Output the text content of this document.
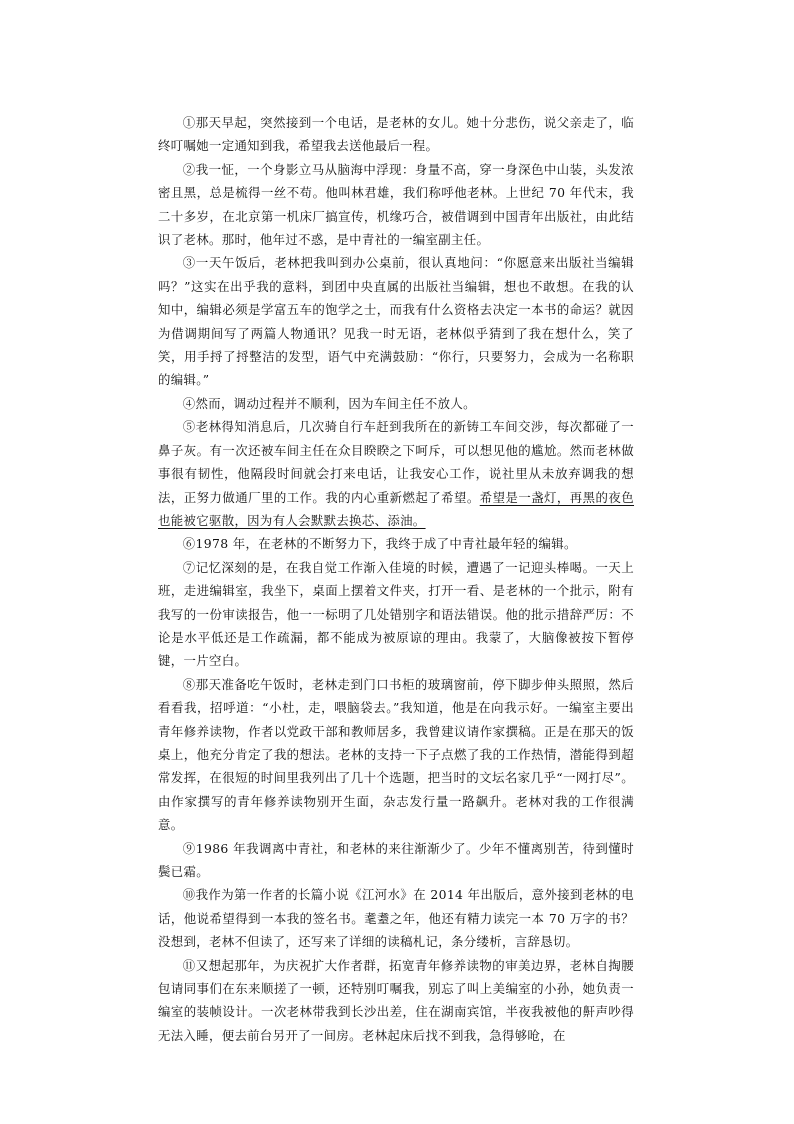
①那天早起，突然接到一个电话，是老林的女儿。她十分悲伤，说父亲走了，临终叮嘱她一定通知到我，希望我去送他最后一程。

②我一怔，一个身影立马从脑海中浮现：身量不高，穿一身深色中山装，头发浓密且黑，总是梳得一丝不苟。他叫林君雄，我们称呼他老林。上世纪 70 年代末，我二十多岁，在北京第一机床厂搞宣传，机缘巧合，被借调到中国青年出版社，由此结识了老林。那时，他年过不惑，是中青社的一编室副主任。

③一天午饭后，老林把我叫到办公桌前，很认真地问：“你愿意来出版社当编辑吗？”这实在出乎我的意料，到团中央直属的出版社当编辑，想也不敢想。在我的认知中，编辑必须是学富五车的饱学之士，而我有什么资格去决定一本书的命运？就因为借调期间写了两篇人物通讯？见我一时无语，老林似乎猜到了我在想什么，笑了笑，用手捋了捋整洁的发型，语气中充满鼓励：“你行，只要努力，会成为一名称职的编辑。”

④然而，调动过程并不顺利，因为车间主任不放人。

⑤老林得知消息后，几次骑自行车赶到我所在的新铸工车间交涉，每次都碰了一鼻子灰。有一次还被车间主任在众目睽睽之下呵斥，可以想见他的尴尬。然而老林做事很有韧性，他隔段时间就会打来电话，让我安心工作，说社里从未放弃调我的想法，正努力做通厂里的工作。我的内心重新燃起了希望。希望是一盏灯，再黑的夜色也能被它驱散，因为有人会默默去换芯、添油。

⑥1978 年，在老林的不断努力下，我终于成了中青社最年轻的编辑。

⑦记忆深刻的是，在我自觉工作渐入佳境的时候，遭遇了一记迎头棒喝。一天上班，走进编辑室，我坐下，桌面上摆着文件夹，打开一看、是老林的一个批示，附有我写的一份审读报告，他一一标明了几处错别字和语法错误。他的批示措辞严厉：不论是水平低还是工作疏漏，都不能成为被原谅的理由。我蒙了，大脑像被按下暂停键，一片空白。

⑧那天准备吃午饭时，老林走到门口书柜的玻璃窗前，停下脚步伸头照照，然后看看我，招呼道：“小杜，走，喂脑袋去。”我知道，他是在向我示好。一编室主要出青年修养读物，作者以党政干部和教师居多，我曾建议请作家撰稿。正是在那天的饭桌上，他充分肯定了我的想法。老林的支持一下子点燃了我的工作热情，潜能得到超常发挥，在很短的时间里我列出了几十个选题，把当时的文坛名家几乎“一网打尽”。由作家撰写的青年修养读物别开生面，杂志发行量一路飙升。老林对我的工作很满意。

⑨1986 年我调离中青社，和老林的来往渐渐少了。少年不懂离别苦，待到懂时鬓已霜。

⑩我作为第一作者的长篇小说《江河水》在 2014 年出版后，意外接到老林的电话，他说希望得到一本我的签名书。耄耋之年，他还有精力读完一本 70 万字的书？没想到，老林不但读了，还写来了详细的读稿札记，条分缕析，言辞恳切。

⑪又想起那年，为庆祝扩大作者群，拓宽青年修养读物的审美边界，老林自掏腰包请同事们在东来顺搓了一顿，还特别叮嘱我，别忘了叫上美编室的小孙，她负责一编室的装帧设计。一次老林带我到长沙出差，住在湖南宾馆，半夜我被他的鼾声吵得无法入睡，便去前台另开了一间房。老林起床后找不到我，急得够呛，在
